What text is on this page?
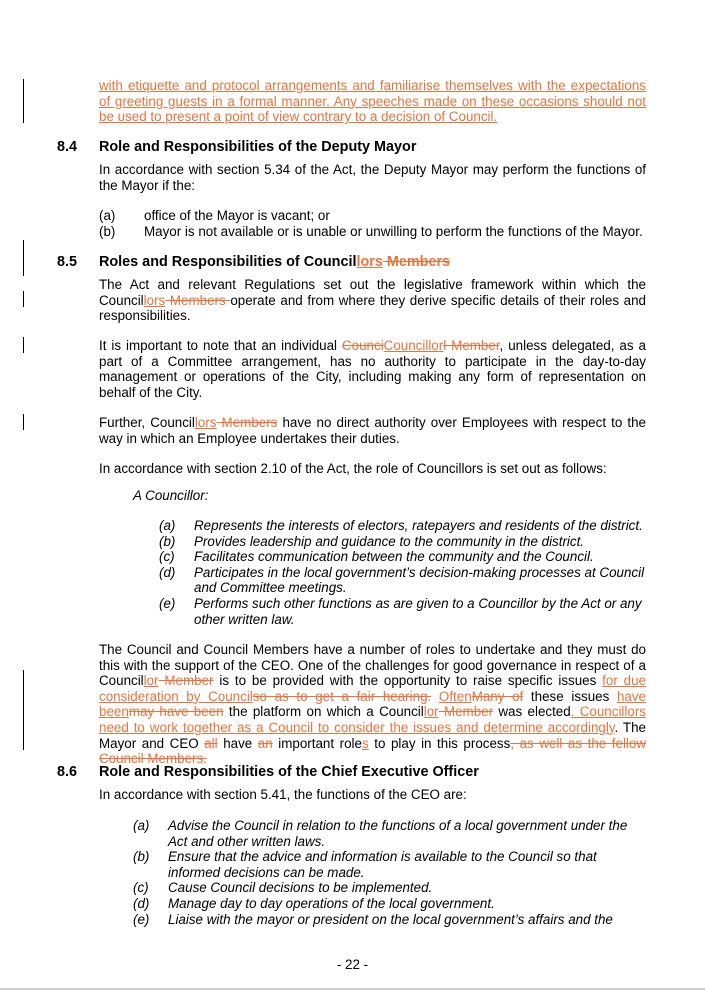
with etiquette and protocol arrangements and familiarise themselves with the expectations of greeting guests in a formal manner. Any speeches made on these occasions should not be used to present a point of view contrary to a decision of Council.
8.4 Role and Responsibilities of the Deputy Mayor
In accordance with section 5.34 of the Act, the Deputy Mayor may perform the functions of the Mayor if the:
(a) office of the Mayor is vacant; or
(b) Mayor is not available or is unable or unwilling to perform the functions of the Mayor.
8.5 Roles and Responsibilities of Councillors Members
The Act and relevant Regulations set out the legislative framework within which the Councillors Members operate and from where they derive specific details of their roles and responsibilities.
It is important to note that an individual CounciCouncillorl Member, unless delegated, as a part of a Committee arrangement, has no authority to participate in the day-to-day management or operations of the City, including making any form of representation on behalf of the City.
Further, Councillors Members have no direct authority over Employees with respect to the way in which an Employee undertakes their duties.
In accordance with section 2.10 of the Act, the role of Councillors is set out as follows:
A Councillor:
(a) Represents the interests of electors, ratepayers and residents of the district.
(b) Provides leadership and guidance to the community in the district.
(c) Facilitates communication between the community and the Council.
(d) Participates in the local government’s decision-making processes at Council and Committee meetings.
(e) Performs such other functions as are given to a Councillor by the Act or any other written law.
The Council and Council Members have a number of roles to undertake and they must do this with the support of the CEO. One of the challenges for good governance in respect of a Councillor Member is to be provided with the opportunity to raise specific issues for due consideration by Councilso as to get a fair hearing. OftenMany of these issues have beenmay have been the platform on which a Councillor Member was elected. Councillors need to work together as a Council to consider the issues and determine accordingly. The Mayor and CEO all have an important roles to play in this process, as well as the fellow Council Members.
8.6 Role and Responsibilities of the Chief Executive Officer
In accordance with section 5.41, the functions of the CEO are:
(a) Advise the Council in relation to the functions of a local government under the Act and other written laws.
(b) Ensure that the advice and information is available to the Council so that informed decisions can be made.
(c) Cause Council decisions to be implemented.
(d) Manage day to day operations of the local government.
(e) Liaise with the mayor or president on the local government’s affairs and the
- 22 -
